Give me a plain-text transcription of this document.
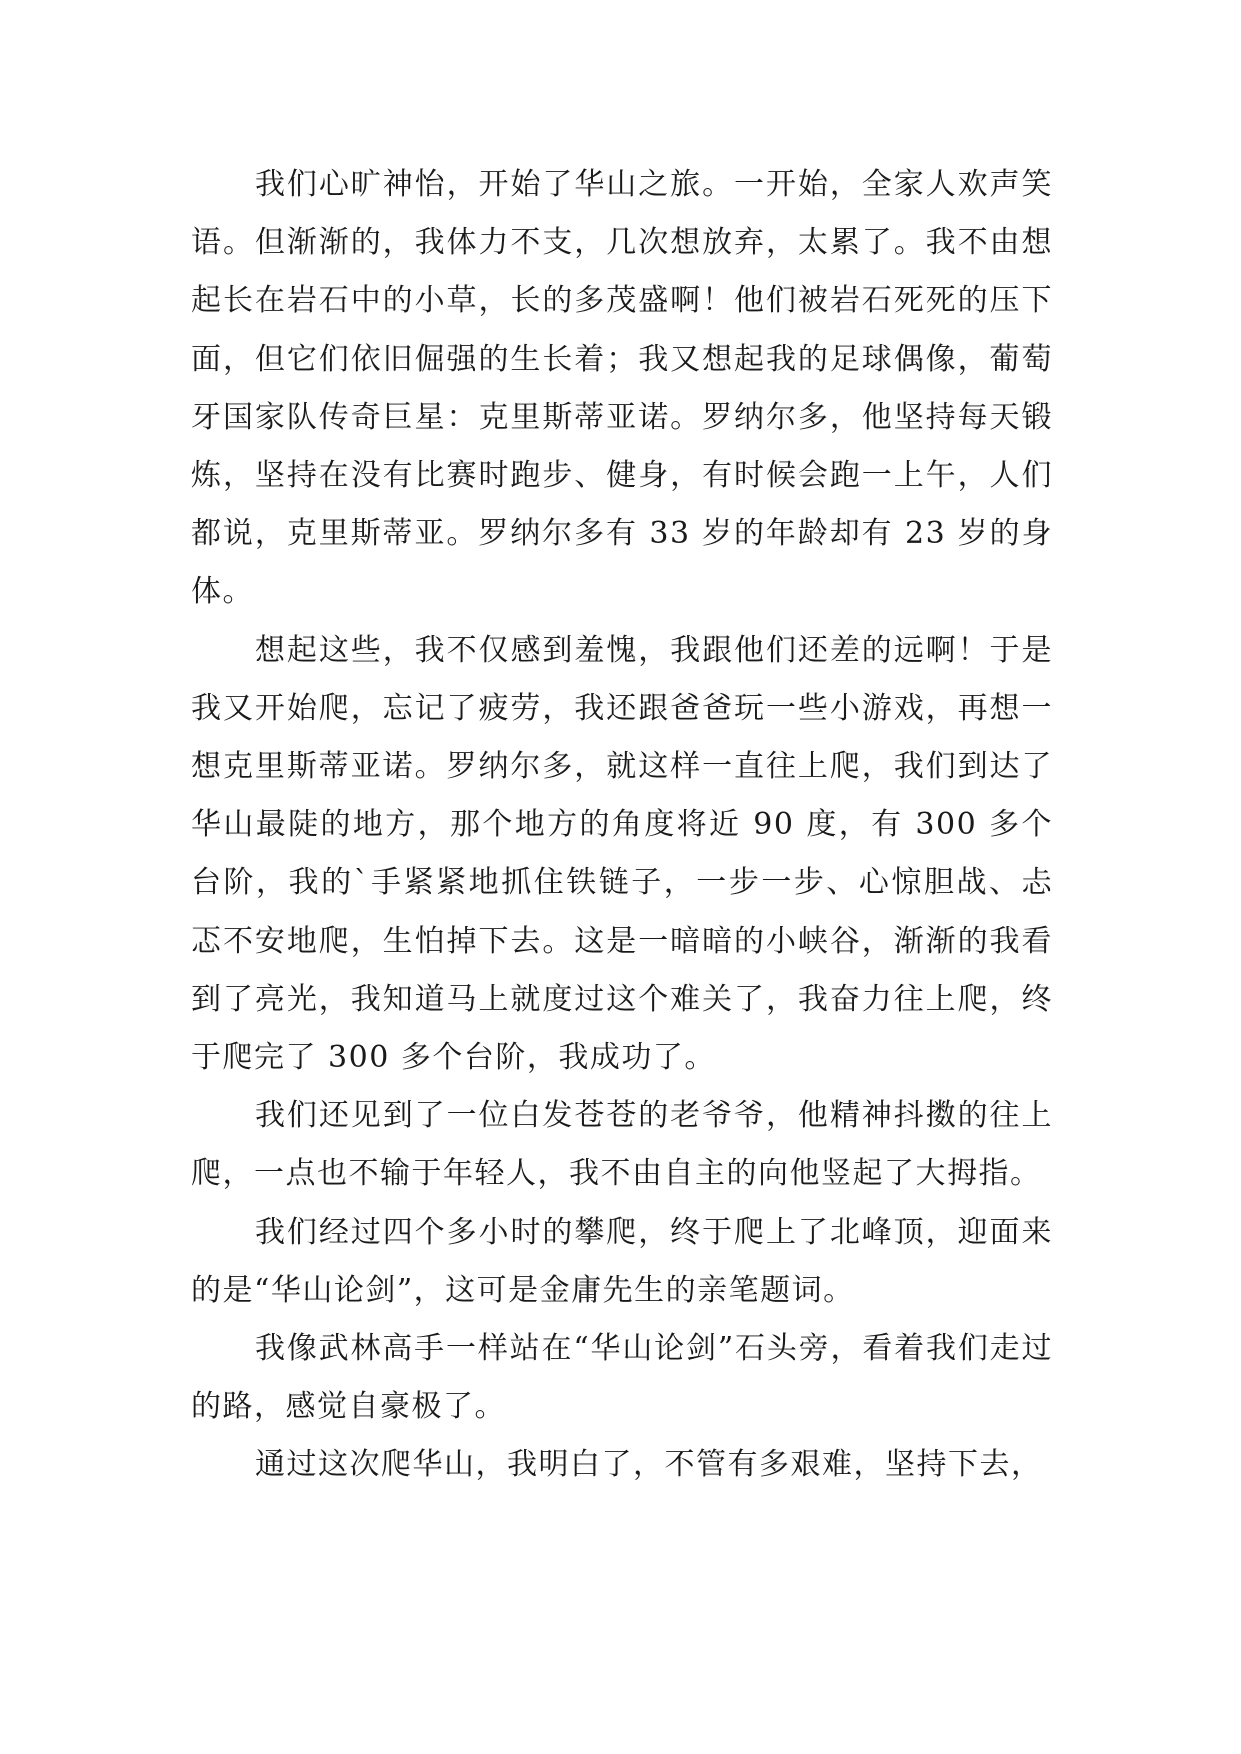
我们心旷神怡，开始了华山之旅。一开始，全家人欢声笑语。但渐渐的，我体力不支，几次想放弃，太累了。我不由想起长在岩石中的小草，长的多茂盛啊！他们被岩石死死的压下面，但它们依旧倔强的生长着；我又想起我的足球偶像，葡萄牙国家队传奇巨星：克里斯蒂亚诺。罗纳尔多，他坚持每天锻炼，坚持在没有比赛时跑步、健身，有时候会跑一上午，人们都说，克里斯蒂亚。罗纳尔多有 33 岁的年龄却有 23 岁的身体。

想起这些，我不仅感到羞愧，我跟他们还差的远啊！于是我又开始爬，忘记了疲劳，我还跟爸爸玩一些小游戏，再想一想克里斯蒂亚诺。罗纳尔多，就这样一直往上爬，我们到达了华山最陡的地方，那个地方的角度将近 90 度，有 300 多个台阶，我的`手紧紧地抓住铁链子，一步一步、心惊胆战、忐忑不安地爬，生怕掉下去。这是一暗暗的小峡谷，渐渐的我看到了亮光，我知道马上就度过这个难关了，我奋力往上爬，终于爬完了 300 多个台阶，我成功了。

我们还见到了一位白发苍苍的老爷爷，他精神抖擞的往上爬，一点也不输于年轻人，我不由自主的向他竖起了大拇指。

我们经过四个多小时的攀爬，终于爬上了北峰顶，迎面来的是“华山论剑”，这可是金庸先生的亲笔题词。

我像武林高手一样站在“华山论剑”石头旁，看着我们走过的路，感觉自豪极了。

通过这次爬华山，我明白了，不管有多艰难，坚持下去，
